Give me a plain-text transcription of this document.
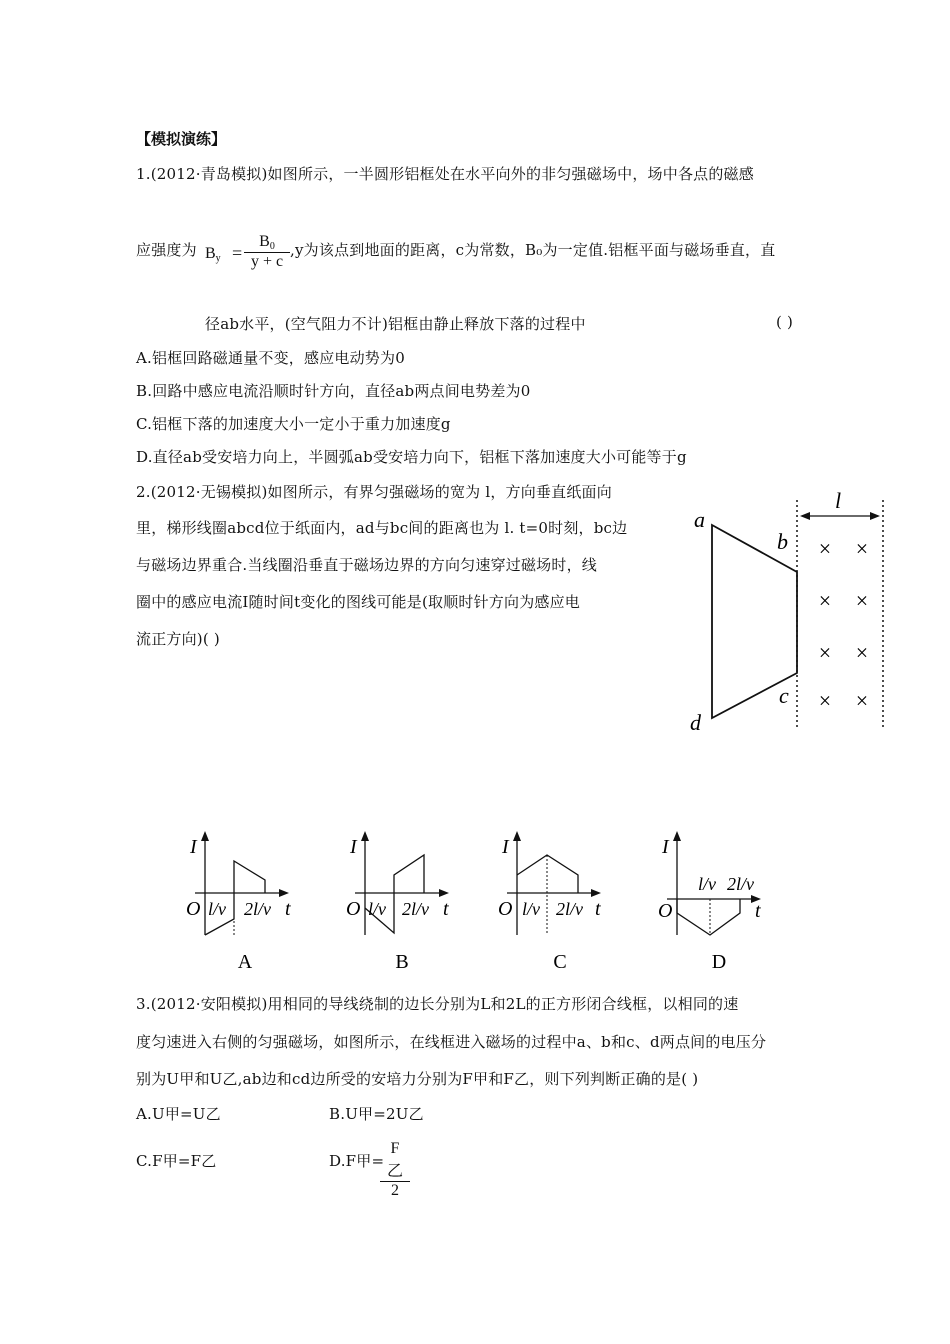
【模拟演练】
1.(2012·青岛模拟)如图所示，一半圆形铝框处在水平向外的非匀强磁场中，场中各点的磁感
应强度为 $B_y = \frac{B_0}{y + c} ,y$为该点到地面的距离，c为常数，B₀为一定值.铝框平面与磁场垂直，直
径ab水平，(空气阻力不计)铝框由静止释放下落的过程中	( )
A.铝框回路磁通量不变，感应电动势为0
B.回路中感应电流沿顺时针方向，直径ab两点间电势差为0
C.铝框下落的加速度大小一定小于重力加速度g
D.直径ab受安培力向上，半圆弧ab受安培力向下，铝框下落加速度大小可能等于g
2.(2012·无锡模拟)如图所示，有界匀强磁场的宽为 l，方向垂直纸面向
里，梯形线圈abcd位于纸面内，ad与bc间的距离也为 l. t=0时刻，bc边
与磁场边界重合.当线圈沿垂直于磁场边界的方向匀速穿过磁场时，线
圈中的感应电流I随时间t变化的图线可能是(取顺时针方向为感应电
流正方向)( )
l
a
b
c
d
× ×
× ×
× ×
× ×
I
O l/v 2l/v t
A
I
O l/v 2l/v t
B
I
O l/v 2l/v t
C
I
O
l/v 2l/v
t
D
3.(2012·安阳模拟)用相同的导线绕制的边长分别为L和2L的正方形闭合线框，以相同的速
度匀速进入右侧的匀强磁场，如图所示，在线框进入磁场的过程中a、b和c、d两点间的电压分
别为U甲和U乙,ab边和cd边所受的安培力分别为F甲和F乙，则下列判断正确的是( )
A.U甲=U乙	B.U甲=2U乙
C.F甲=F乙	D.F甲=
F乙
2
